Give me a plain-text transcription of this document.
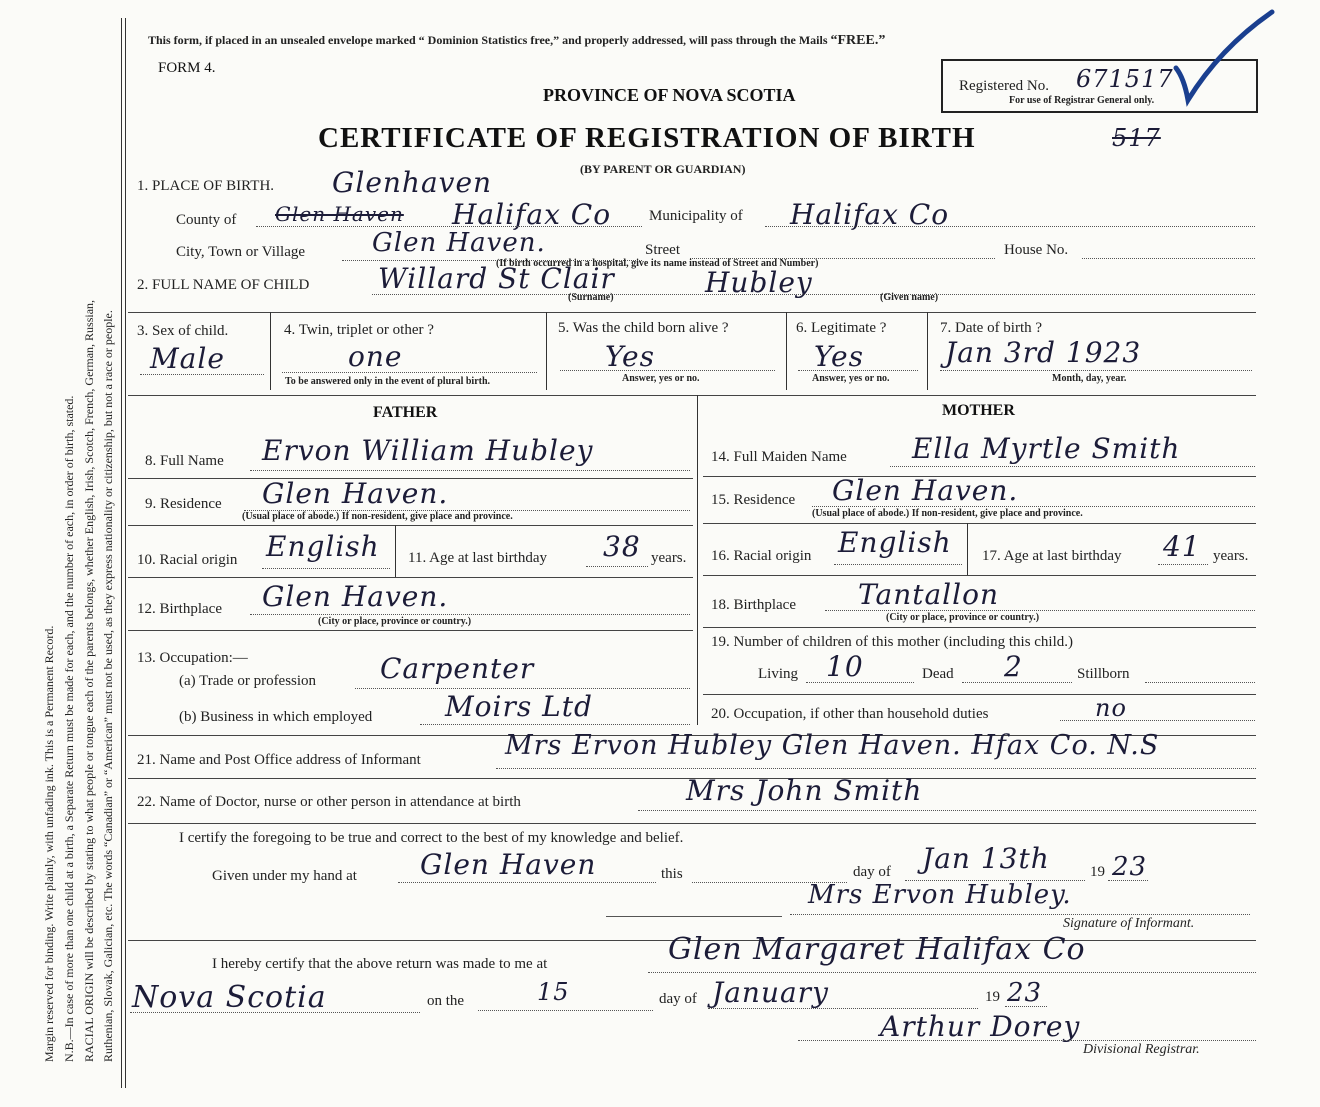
Margin reserved for binding. Write plainly, with unfading ink. This is a Permanent Record. N.B.—In case of more than one child at a birth, a Separate Return must be made for each, and the number of each, in order of birth, stated. RACIAL ORIGIN will be described by stating to what people or tongue each of the parents belongs, whether English, Irish, Scotch, French, German, Russian, Ruthenian, Slovak, Galician, etc. The words “Canadian” or “American” must not be used, as they express nationality or citizenship, but not a race or people.
This form, if placed in an unsealed envelope marked “ Dominion Statistics free,” and properly addressed, will pass through the Mails “FREE.”
FORM 4.
PROVINCE OF NOVA SCOTIA	Registered No. 671517
For use of Registrar General only.
CERTIFICATE OF REGISTRATION OF BIRTH	517
(BY PARENT OR GUARDIAN)
1. PLACE OF BIRTH. Glenhaven
County of Glen Haven Halifax Co	Municipality of Halifax Co
City, Town or Village	Glen Haven.	Street	House No.
(If birth occurred in a hospital, give its name instead of Street and Number)
2. FULL NAME OF CHILD Willard St Clair	Hubley
(Surname)	(Given name)
3. Sex of child.
Male
4. Twin, triplet or other ?
one
To be answered only in the event of plural birth.
5. Was the child born alive ?
Yes
Answer, yes or no.
6. Legitimate ?
Yes
Answer, yes or no.
7. Date of birth ?
Jan 3rd 1923
Month, day, year.
FATHER	MOTHER
8. Full Name Ervon William Hubley	14. Full Maiden Name Ella Myrtle Smith
9. Residence Glen Haven.
(Usual place of abode.) If non-resident, give place and province.
15. Residence Glen Haven.
(Usual place of abode.) If non-resident, give place and province.
10. Racial origin English 11. Age at last birthday 38 years. 16. Racial origin English 17. Age at last birthday 41 years.
12. Birthplace Glen Haven.
(City or place, province or country.)
18. Birthplace Tantallon
(City or place, province or country.)
13. Occupation:—
(a) Trade or profession Carpenter
(b) Business in which employed	Moirs Ltd
19. Number of children of this mother (including this child.)
Living 10	Dead 2	Stillborn
20. Occupation, if other than household duties	no
21. Name and Post Office address of Informant	Mrs Ervon Hubley Glen Haven. Hfax Co. N.S
22. Name of Doctor, nurse or other person in attendance at birth	Mrs John Smith
I certify the foregoing to be true and correct to the best of my knowledge and belief.
Given under my hand at Glen Haven	this	day of Jan 13th	19 23
Mrs Ervon Hubley.
Signature of Informant.
I hereby certify that the above return was made to me at	Glen Margaret Halifax Co
Nova Scotia	on the	15	day of January	19 23
Arthur Dorey
Divisional Registrar.
